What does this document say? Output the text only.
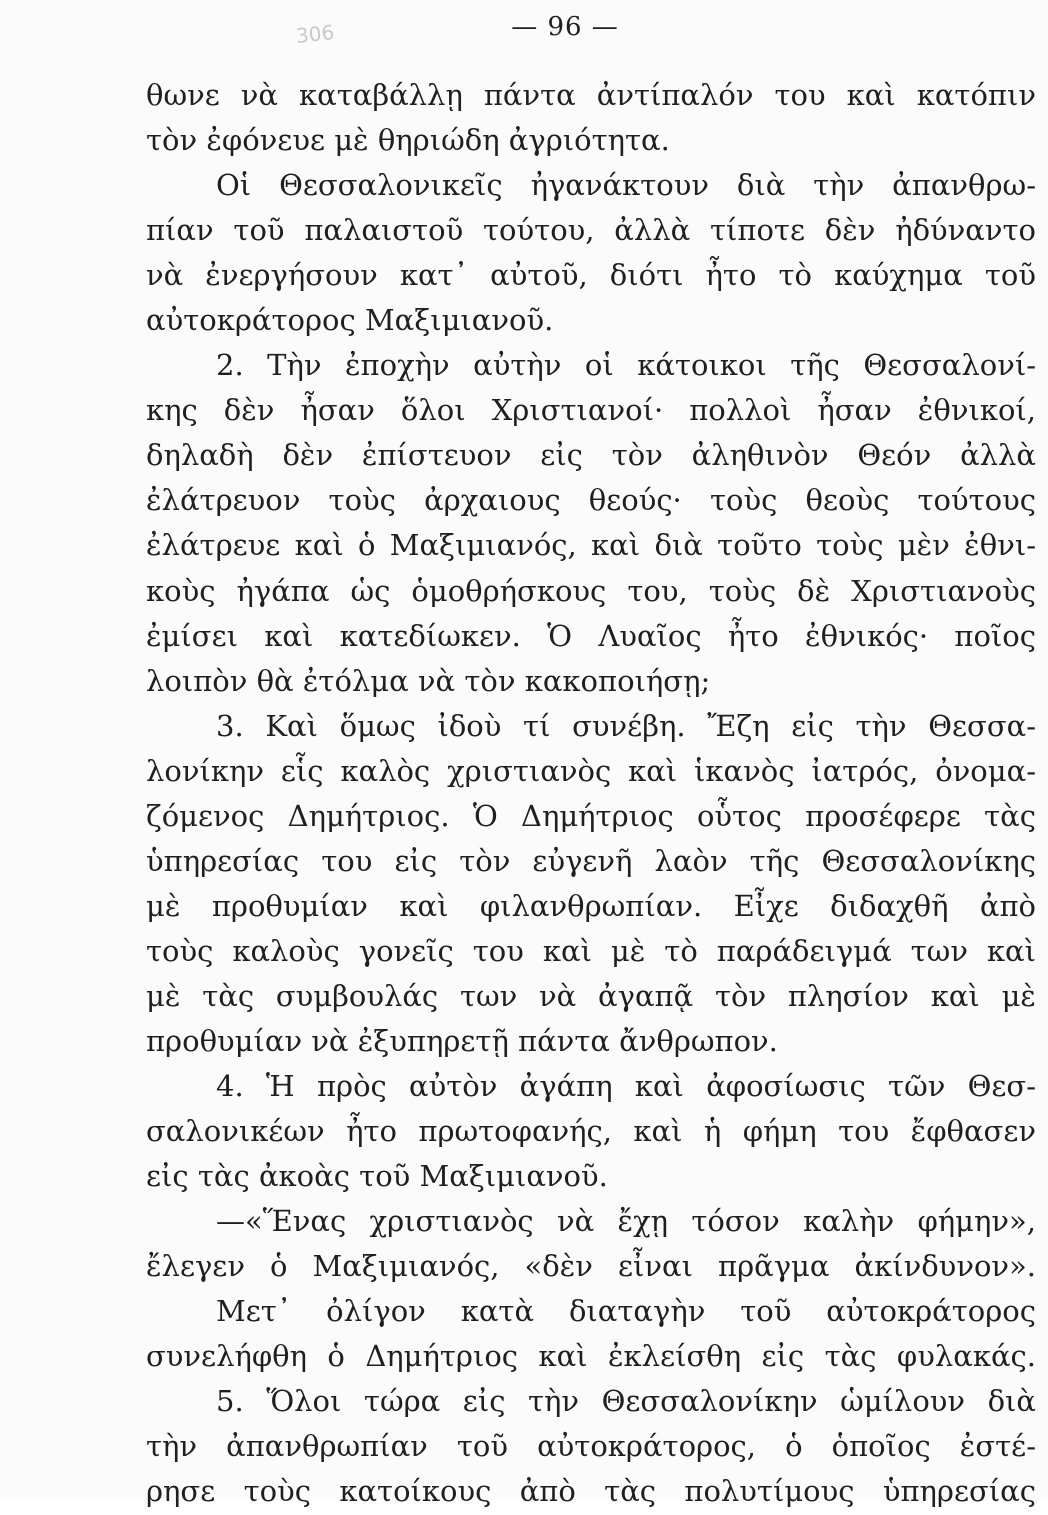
306	— 96 —
θωνε νὰ καταβάλλῃ πάντα ἀντίπαλόν του καὶ κατόπιν
τὸν ἐφόνευε μὲ θηριώδη ἀγριότητα.
Οἱ Θεσσαλονικεῖς ἠγανάκτουν διὰ τὴν ἀπανθρω-
πίαν τοῦ παλαιστοῦ τούτου, ἀλλὰ τίποτε δὲν ἠδύναντο
νὰ ἐνεργήσουν κατ᾽ αὐτοῦ, διότι ἦτο τὸ καύχημα τοῦ
αὐτοκράτορος Μαξιμιανοῦ.
2. Τὴν ἐποχὴν αὐτὴν οἱ κάτοικοι τῆς Θεσσαλονί-
κης δὲν ἦσαν ὅλοι Χριστιανοί· πολλοὶ ἦσαν ἐθνικοί,
δηλαδὴ δὲν ἐπίστευον εἰς τὸν ἀληθινὸν Θεόν ἀλλὰ
ἐλάτρευον τοὺς ἀρχαιους θεούς· τοὺς θεοὺς τούτους
ἐλάτρευε καὶ ὁ Μαξιμιανός, καὶ διὰ τοῦτο τοὺς μὲν ἐθνι-
κοὺς ἠγάπα ὡς ὁμοθρήσκους του, τοὺς δὲ Χριστιανοὺς
ἐμίσει καὶ κατεδίωκεν. Ὁ Λυαῖος ἦτο ἐθνικός· ποῖος
λοιπὸν θὰ ἐτόλμα νὰ τὸν κακοποιήσῃ;
3. Καὶ ὅμως ἰδοὺ τί συνέβη. Ἔζη εἰς τὴν Θεσσα-
λονίκην εἷς καλὸς χριστιανὸς καὶ ἱκανὸς ἰατρός, ὀνομα-
ζόμενος Δημήτριος. Ὁ Δημήτριος οὗτος προσέφερε τὰς
ὑπηρεσίας του εἰς τὸν εὐγενῆ λαὸν τῆς Θεσσαλονίκης
μὲ προθυμίαν καὶ φιλανθρωπίαν. Εἶχε διδαχθῆ ἀπὸ
τοὺς καλοὺς γονεῖς του καὶ μὲ τὸ παράδειγμά των καὶ
μὲ τὰς συμβουλάς των νὰ ἀγαπᾷ τὸν πλησίον καὶ μὲ
προθυμίαν νὰ ἐξυπηρετῇ πάντα ἄνθρωπον.
4. Ἡ πρὸς αὐτὸν ἀγάπη καὶ ἀφοσίωσις τῶν Θεσ-
σαλονικέων ἦτο πρωτοφανής, καὶ ἡ φήμη του ἔφθασεν
εἰς τὰς ἀκοὰς τοῦ Μαξιμιανοῦ.
—«Ἕνας χριστιανὸς νὰ ἔχῃ τόσον καλὴν φήμην»,
ἔλεγεν ὁ Μαξιμιανός, «δὲν εἶναι πρᾶγμα ἀκίνδυνον».
Μετ᾽ ὀλίγον κατὰ διαταγὴν τοῦ αὐτοκράτορος
συνελήφθη ὁ Δημήτριος καὶ ἐκλείσθη εἰς τὰς φυλακάς.
5. Ὅλοι τώρα εἰς τὴν Θεσσαλονίκην ὡμίλουν διὰ
τὴν ἀπανθρωπίαν τοῦ αὐτοκράτορος, ὁ ὁποῖος ἐστέ-
ρησε τοὺς κατοίκους ἀπὸ τὰς πολυτίμους ὑπηρεσίας
